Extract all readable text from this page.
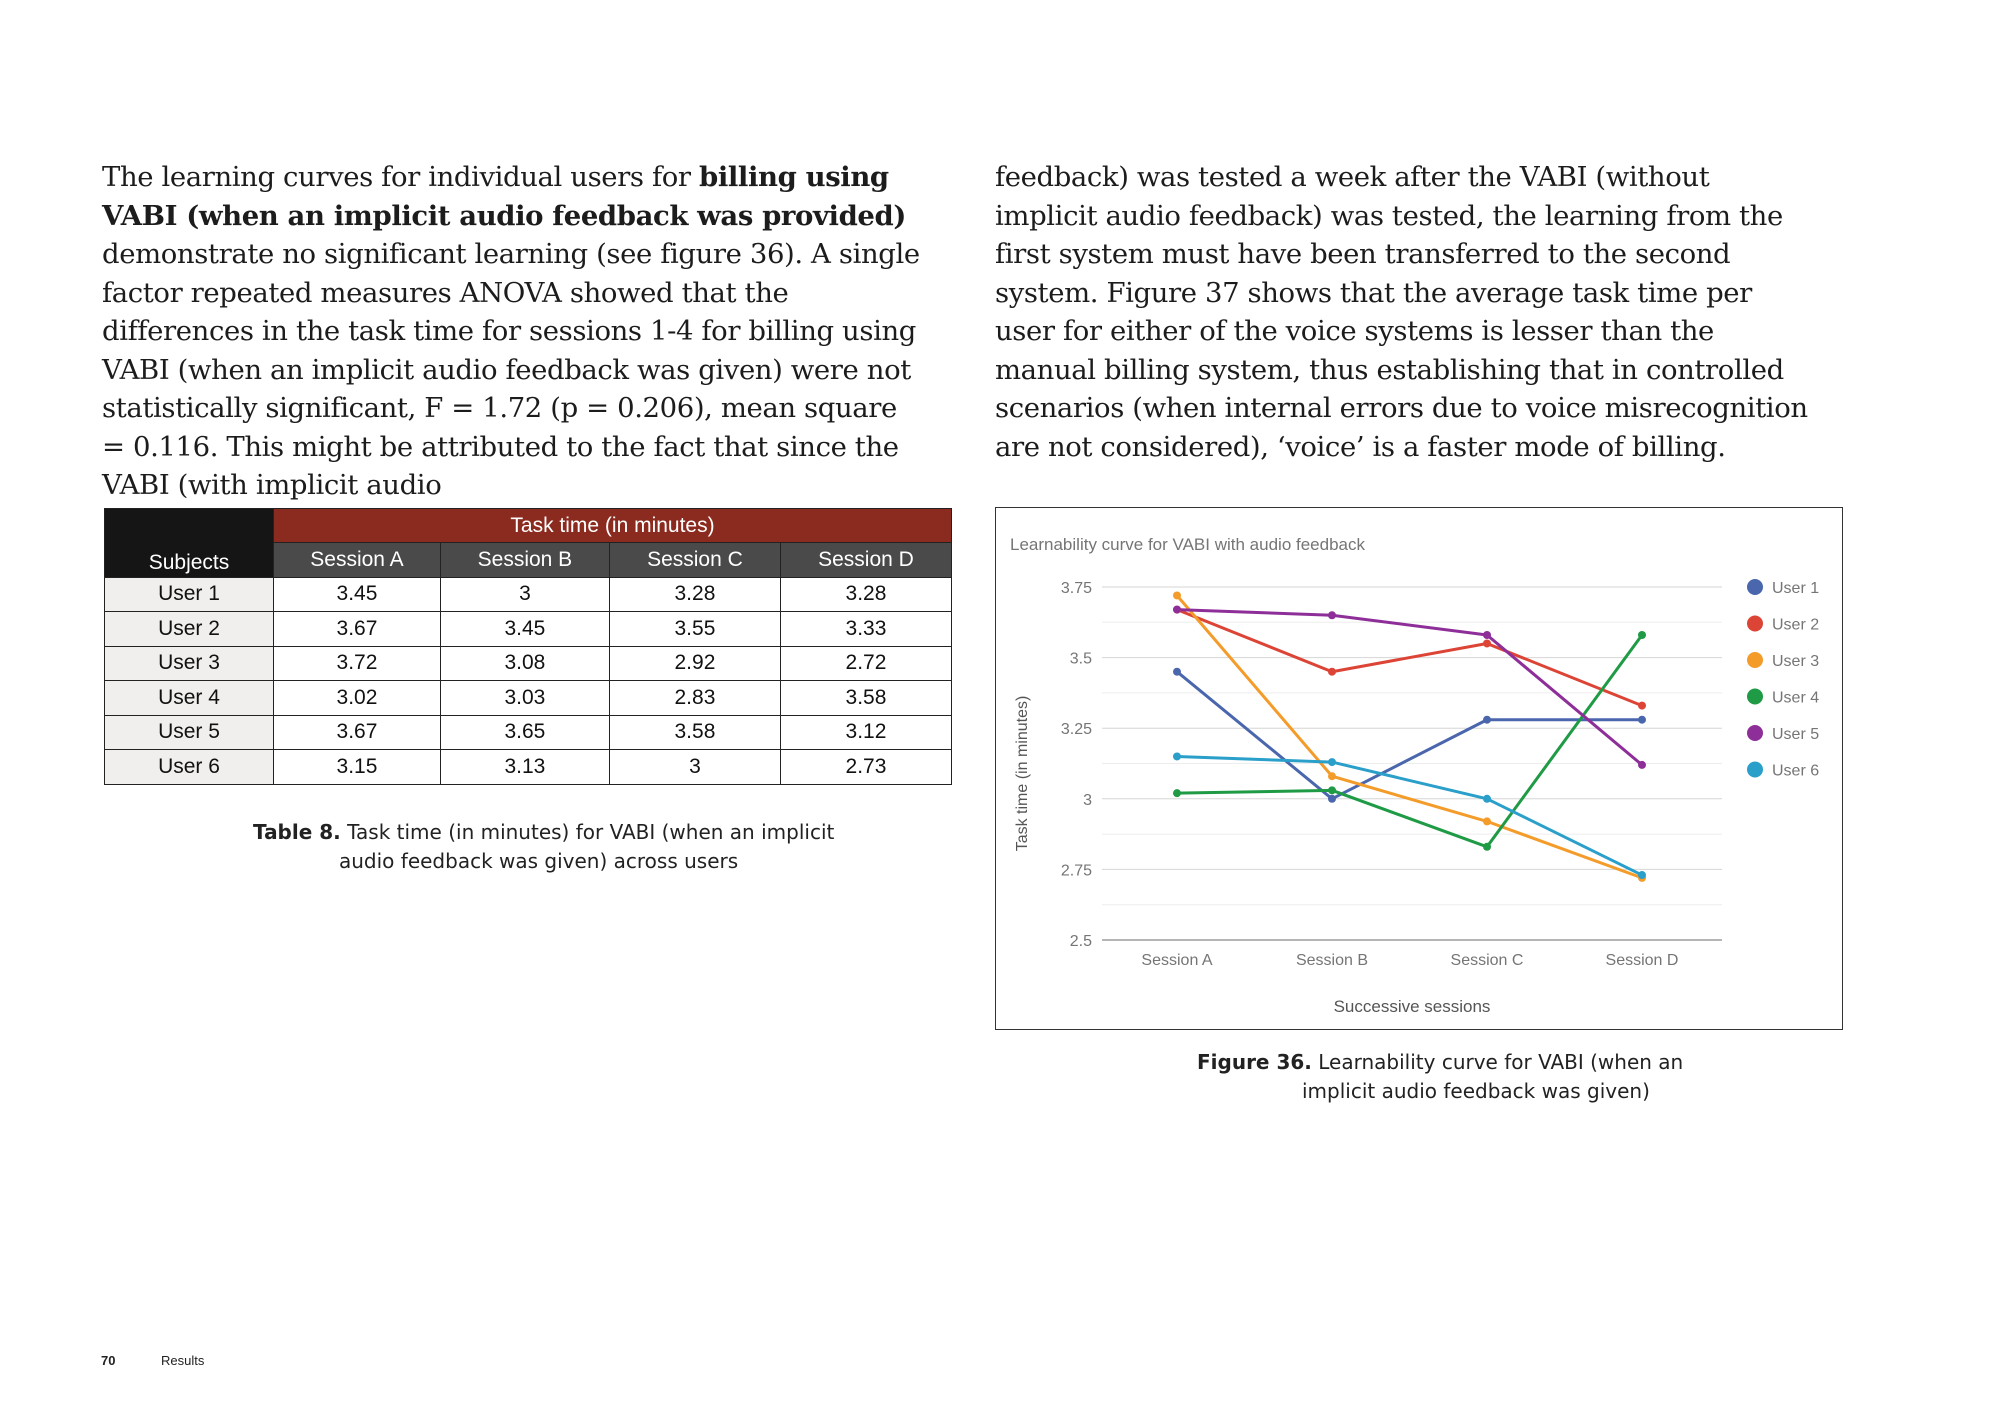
The learning curves for individual users for billing using VABI (when an implicit audio feedback was provided) demonstrate no significant learning (see figure 36). A single factor repeated measures ANOVA showed that the differences in the task time for sessions 1-4 for billing using VABI (when an implicit audio feedback was given) were not statistically significant, F = 1.72 (p = 0.206), mean square = 0.116. This might be attributed to the fact that since the VABI (with implicit audio
feedback) was tested a week after the VABI (without implicit audio feedback) was tested, the learning from the first system must have been transferred to the second system. Figure 37 shows that the average task time per user for either of the voice systems is lesser than the manual billing system, thus establishing that in controlled scenarios (when internal errors due to voice misrecognition are not considered), ‘voice’ is a faster mode of billing.
Subjects	Task time (in minutes)			
	Session A	Session B	Session C	Session D
User 1	3.45	3	3.28	3.28
User 2	3.67	3.45	3.55	3.33
User 3	3.72	3.08	2.92	2.72
User 4	3.02	3.03	2.83	3.58
User 5	3.67	3.65	3.58	3.12
User 6	3.15	3.13	3	2.73
Table 8. Task time (in minutes) for VABI (when an implicit
audio feedback was given) across users
Learnability curve for VABI with audio feedback
2.5
2.75
3
3.25
3.5
3.75
Session A	Session B	Session C	Session D
Successive sessions
Task time (in minutes)
User 1
User 2
User 3
User 4
User 5
User 6
Figure 36. Learnability curve for VABI (when an
implicit audio feedback was given)
70	Results
